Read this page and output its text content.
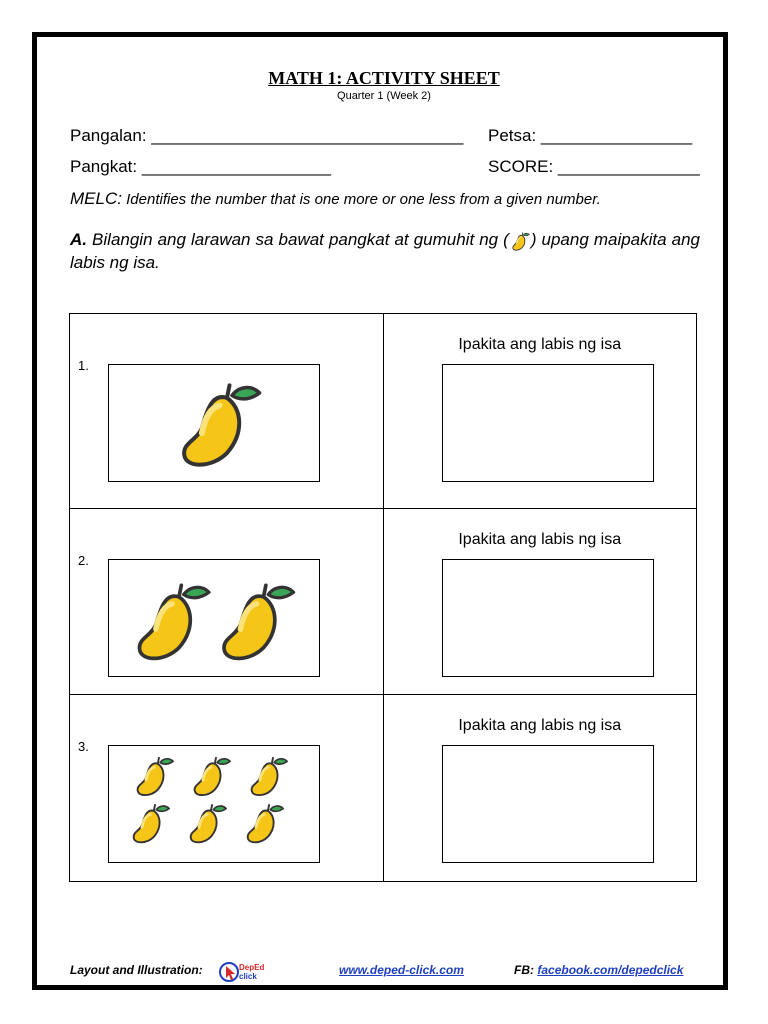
MATH 1: ACTIVITY SHEET
Quarter 1 (Week 2)
Pangalan: _________________________________ Petsa: ________________
Pangkat: ____________________	SCORE: _______________
MELC: Identifies the number that is one more or one less from a given number.
A. Bilangin ang larawan sa bawat pangkat at gumuhit ng ( ) upang maipakita ang labis ng isa.
1.	Ipakita ang labis ng isa

2.	Ipakita ang labis ng isa

3.	Ipakita ang labis ng isa
Layout and Illustration:	DepEd
click	www.deped-click.com	FB: facebook.com/depedclick
